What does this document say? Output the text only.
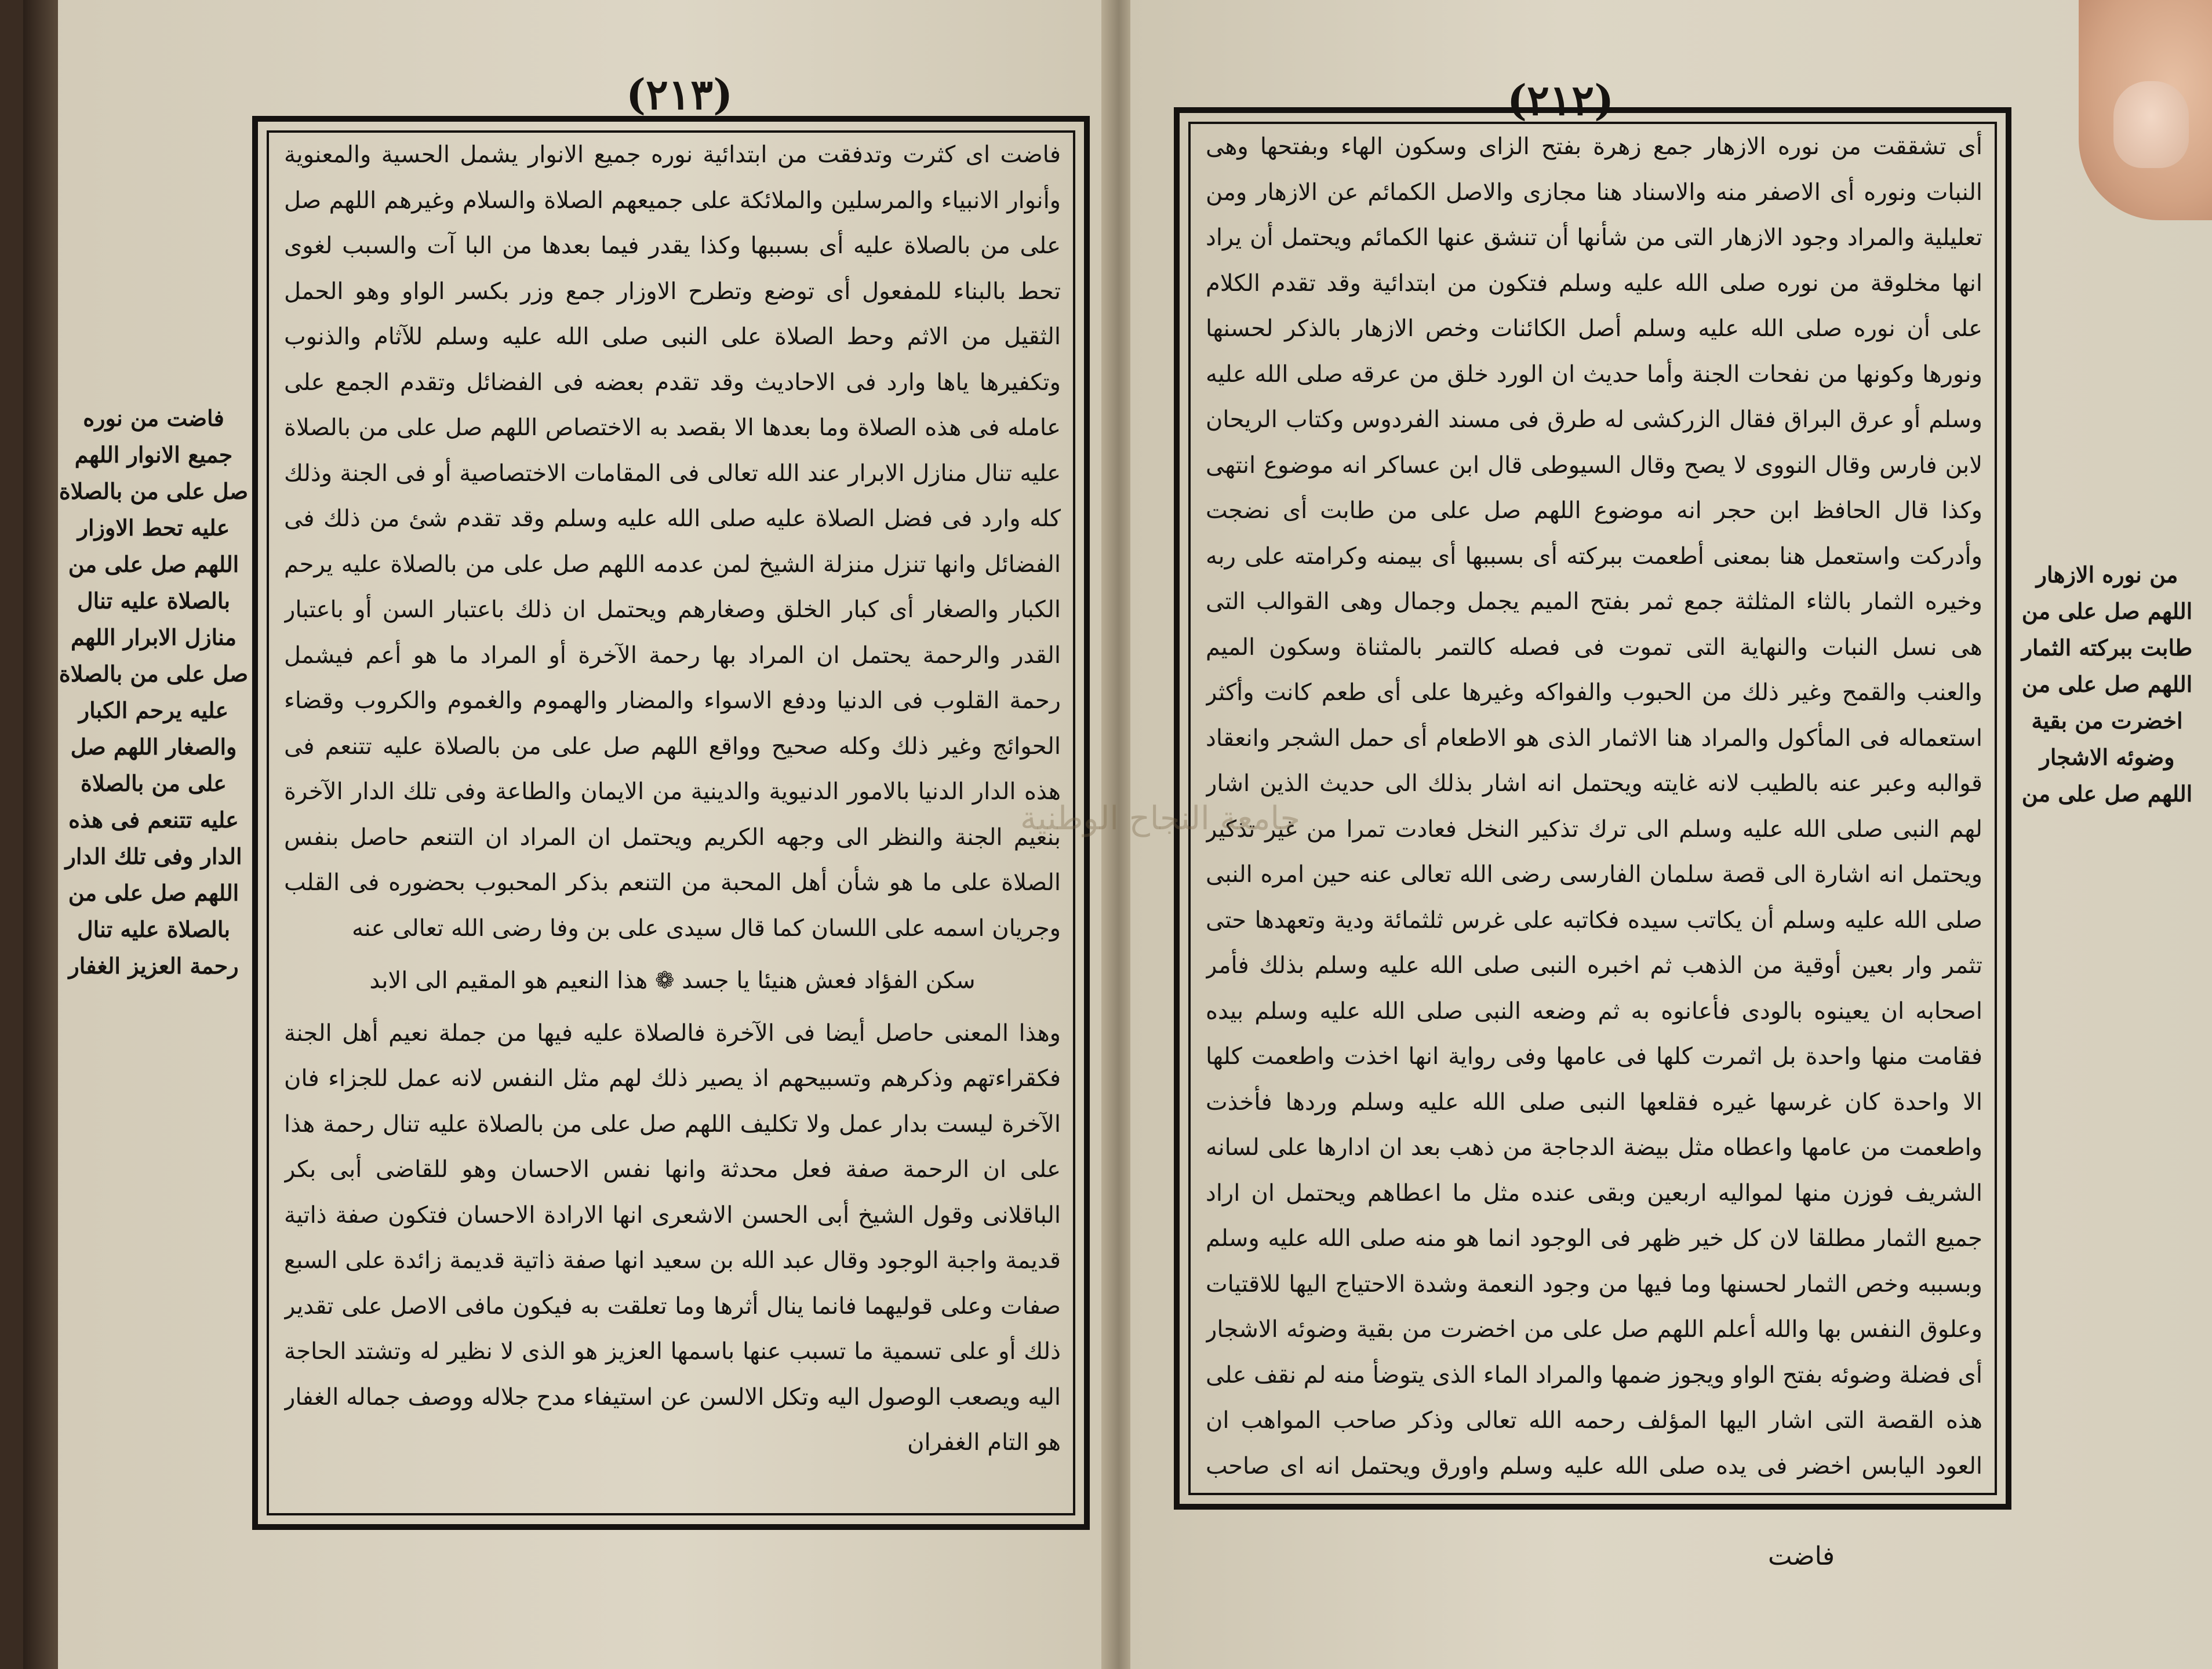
(٢١٣)

فاضت اى كثرت وتدفقت من ابتدائية نوره جميع الانوار يشمل الحسية والمعنوية وأنوار الانبياء والمرسلين والملائكة على جميعهم الصلاة والسلام وغيرهم اللهم صل على من بالصلاة عليه أى بسببها وكذا يقدر فيما بعدها من البا آت والسبب لغوى تحط بالبناء للمفعول أى توضع وتطرح الاوزار جمع وزر بكسر الواو وهو الحمل الثقيل من الاثم وحط الصلاة على النبى صلى الله عليه وسلم للآثام والذنوب وتكفيرها ياها وارد فى الاحاديث وقد تقدم بعضه فى الفضائل وتقدم الجمع على عامله فى هذه الصلاة وما بعدها الا بقصد به الاختصاص اللهم صل على من بالصلاة عليه تنال منازل الابرار عند الله تعالى فى المقامات الاختصاصية أو فى الجنة وذلك كله وارد فى فضل الصلاة عليه صلى الله عليه وسلم وقد تقدم شئ من ذلك فى الفضائل وانها تنزل منزلة الشيخ لمن عدمه اللهم صل على من بالصلاة عليه يرحم الكبار والصغار أى كبار الخلق وصغارهم ويحتمل ان ذلك باعتبار السن أو باعتبار القدر والرحمة يحتمل ان المراد بها رحمة الآخرة أو المراد ما هو أعم فيشمل رحمة القلوب فى الدنيا ودفع الاسواء والمضار والهموم والغموم والكروب وقضاء الحوائج وغير ذلك وكله صحيح وواقع اللهم صل على من بالصلاة عليه تتنعم فى هذه الدار الدنيا بالامور الدنيوية والدينية من الايمان والطاعة وفى تلك الدار الآخرة بنعيم الجنة والنظر الى وجهه الكريم ويحتمل ان المراد ان التنعم حاصل بنفس الصلاة على ما هو شأن أهل المحبة من التنعم بذكر المحبوب بحضوره فى القلب وجريان اسمه على اللسان كما قال سيدى على بن وفا رضى الله تعالى عنه

سكن الفؤاد فعش هنيئا يا جسد ❁ هذا النعيم هو المقيم الى الابد

وهذا المعنى حاصل أيضا فى الآخرة فالصلاة عليه فيها من جملة نعيم أهل الجنة فكقراءتهم وذكرهم وتسبيحهم اذ يصير ذلك لهم مثل النفس لانه عمل للجزاء فان الآخرة ليست بدار عمل ولا تكليف اللهم صل على من بالصلاة عليه تنال رحمة هذا على ان الرحمة صفة فعل محدثة وانها نفس الاحسان وهو للقاضى أبى بكر الباقلانى وقول الشيخ أبى الحسن الاشعرى انها الارادة الاحسان فتكون صفة ذاتية قديمة واجبة الوجود وقال عبد الله بن سعيد انها صفة ذاتية قديمة زائدة على السبع صفات وعلى قوليهما فانما ينال أثرها وما تعلقت به فيكون مافى الاصل على تقدير ذلك أو على تسمية ما تسبب عنها باسمها العزيز هو الذى لا نظير له وتشتد الحاجة اليه ويصعب الوصول اليه وتكل الالسن عن استيفاء مدح جلاله ووصف جماله الغفار هو التام الغفران

فاضت من نوره جميع الانوار اللهم صل على من بالصلاة عليه تحط الاوزار اللهم صل على من بالصلاة عليه تنال منازل الابرار اللهم صل على من بالصلاة عليه يرحم الكبار والصغار اللهم صل على من بالصلاة عليه تتنعم فى هذه الدار وفى تلك الدار اللهم صل على من بالصلاة عليه تنال رحمة العزيز الغفار
(٢١٢)

أى تشققت من نوره الازهار جمع زهرة بفتح الزاى وسكون الهاء وبفتحها وهى النبات ونوره أى الاصفر منه والاسناد هنا مجازى والاصل الكمائم عن الازهار ومن تعليلية والمراد وجود الازهار التى من شأنها أن تنشق عنها الكمائم ويحتمل أن يراد انها مخلوقة من نوره صلى الله عليه وسلم فتكون من ابتدائية وقد تقدم الكلام على أن نوره صلى الله عليه وسلم أصل الكائنات وخص الازهار بالذكر لحسنها ونورها وكونها من نفحات الجنة وأما حديث ان الورد خلق من عرقه صلى الله عليه وسلم أو عرق البراق فقال الزركشى له طرق فى مسند الفردوس وكتاب الريحان لابن فارس وقال النووى لا يصح وقال السيوطى قال ابن عساكر انه موضوع انتهى وكذا قال الحافظ ابن حجر انه موضوع اللهم صل على من طابت أى نضجت وأدركت واستعمل هنا بمعنى أطعمت ببركته أى بسببها أى بيمنه وكرامته على ربه وخيره الثمار بالثاء المثلثة جمع ثمر بفتح الميم يجمل وجمال وهى القوالب التى هى نسل النبات والنهاية التى تموت فى فصله كالتمر بالمثناة وسكون الميم والعنب والقمح وغير ذلك من الحبوب والفواكه وغيرها على أى طعم كانت وأكثر استعماله فى المأكول والمراد هنا الاثمار الذى هو الاطعام أى حمل الشجر وانعقاد قوالبه وعبر عنه بالطيب لانه غايته ويحتمل انه اشار بذلك الى حديث الذين اشار لهم النبى صلى الله عليه وسلم الى ترك تذكير النخل فعادت تمرا من غير تذكير ويحتمل انه اشارة الى قصة سلمان الفارسى رضى الله تعالى عنه حين امره النبى صلى الله عليه وسلم أن يكاتب سيده فكاتبه على غرس ثلثمائة ودية وتعهدها حتى تثمر وار بعين أوقية من الذهب ثم اخبره النبى صلى الله عليه وسلم بذلك فأمر اصحابه ان يعينوه بالودى فأعانوه به ثم وضعه النبى صلى الله عليه وسلم بيده فقامت منها واحدة بل اثمرت كلها فى عامها وفى رواية انها اخذت واطعمت كلها الا واحدة كان غرسها غيره فقلعها النبى صلى الله عليه وسلم وردها فأخذت واطعمت من عامها واعطاه مثل بيضة الدجاجة من ذهب بعد ان ادارها على لسانه الشريف فوزن منها لمواليه اربعين وبقى عنده مثل ما اعطاهم ويحتمل ان اراد جميع الثمار مطلقا لان كل خير ظهر فى الوجود انما هو منه صلى الله عليه وسلم وبسببه وخص الثمار لحسنها وما فيها من وجود النعمة وشدة الاحتياج اليها للاقتيات وعلوق النفس بها والله أعلم اللهم صل على من اخضرت من بقية وضوئه الاشجار أى فضلة وضوئه بفتح الواو ويجوز ضمها والمراد الماء الذى يتوضأ منه لم نقف على هذه القصة التى اشار اليها المؤلف رحمه الله تعالى وذكر صاحب المواهب ان العود اليابس اخضر فى يده صلى الله عليه وسلم واورق ويحتمل انه اى صاحب

فاضت
من نوره الازهار اللهم صل على من طابت ببركته الثمار اللهم صل على من اخضرت من بقية وضوئه الاشجار اللهم صل على من
جامعة النجاح الوطنية
